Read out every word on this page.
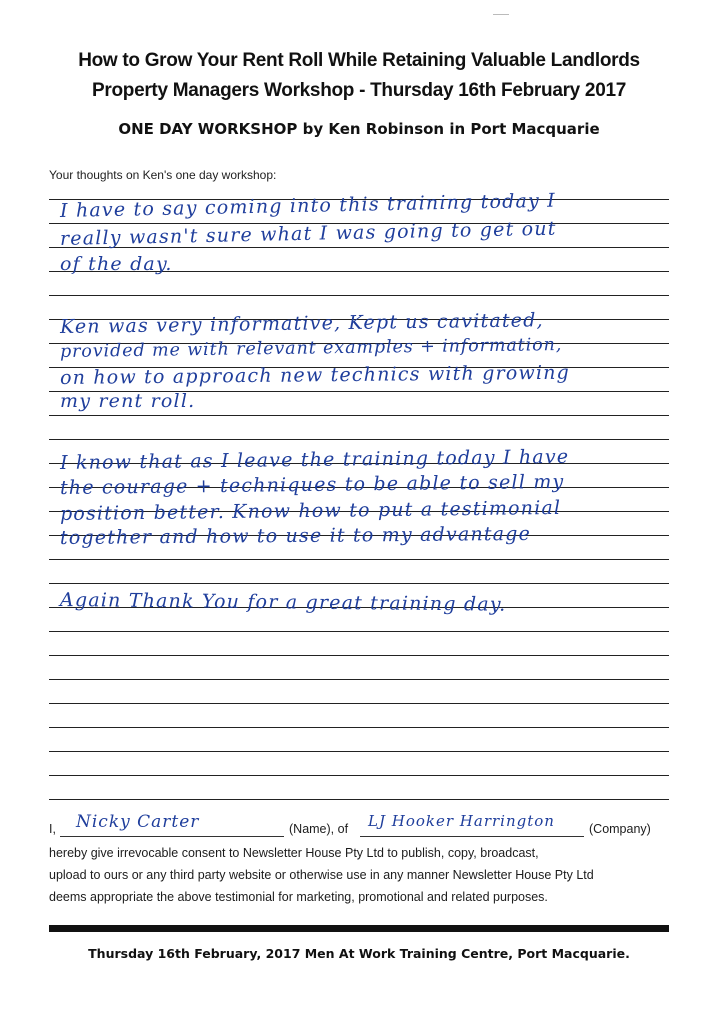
How to Grow Your Rent Roll While Retaining Valuable Landlords
Property Managers Workshop - Thursday 16th February 2017
ONE DAY WORKSHOP by Ken Robinson in Port Macquarie
Your thoughts on Ken's one day workshop:
I have to say coming into this training today I
really wasn't sure what I was going to get out
of the day.
Ken was very informative, Kept us cavitated,
provided me with relevant examples + information,
on how to approach new technics with growing
my rent roll.
I know that as I leave the training today I have
the courage + techniques to be able to sell my
position better. Know how to put a testimonial
together and how to use it to my advantage
Again Thank You for a great training day.
I, Nicky Carter	(Name), of LJ Hooker Harrington	(Company)
hereby give irrevocable consent to Newsletter House Pty Ltd to publish, copy, broadcast,
upload to ours or any third party website or otherwise use in any manner Newsletter House Pty Ltd
deems appropriate the above testimonial for marketing, promotional and related purposes.
Thursday 16th February, 2017 Men At Work Training Centre, Port Macquarie.
